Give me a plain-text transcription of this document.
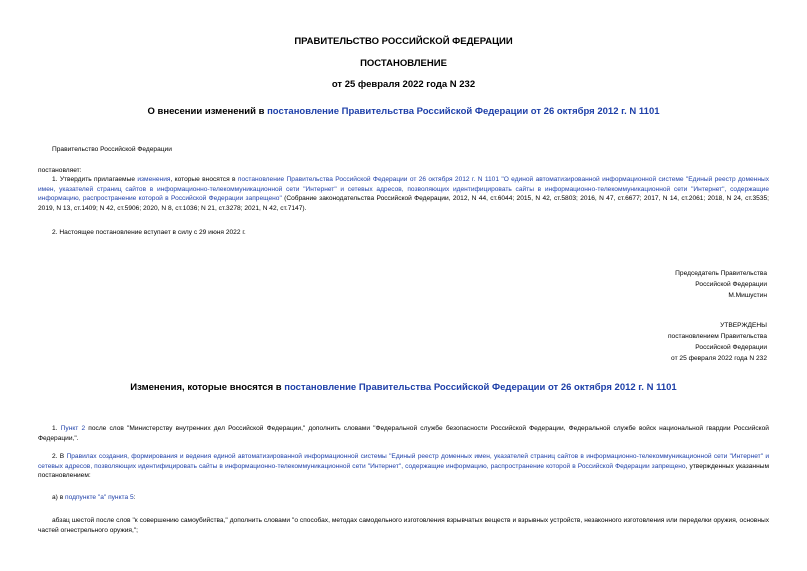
ПРАВИТЕЛЬСТВО РОССИЙСКОЙ ФЕДЕРАЦИИ
ПОСТАНОВЛЕНИЕ
от 25 февраля 2022 года N 232
О внесении изменений в постановление Правительства Российской Федерации от 26 октября 2012 г. N 1101
Правительство Российской Федерации
постановляет:
1. Утвердить прилагаемые изменения, которые вносятся в постановление Правительства Российской Федерации от 26 октября 2012 г. N 1101 "О единой автоматизированной информационной системе "Единый реестр доменных имен, указателей страниц сайтов в информационно-телекоммуникационной сети "Интернет" и сетевых адресов, позволяющих идентифицировать сайты в информационно-телекоммуникационной сети "Интернет", содержащие информацию, распространение которой в Российской Федерации запрещено" (Собрание законодательства Российской Федерации, 2012, N 44, ст.6044; 2015, N 42, ст.5803; 2016, N 47, ст.6677; 2017, N 14, ст.2061; 2018, N 24, ст.3535; 2019, N 13, ст.1409; N 42, ст.5906; 2020, N 8, ст.1036; N 21, ст.3278; 2021, N 42, ст.7147).
2. Настоящее постановление вступает в силу с 29 июня 2022 г.
Председатель Правительства
Российской Федерации
М.Мишустин
УТВЕРЖДЕНЫ
постановлением Правительства
Российской Федерации
от 25 февраля 2022 года N 232
Изменения, которые вносятся в постановление Правительства Российской Федерации от 26 октября 2012 г. N 1101
1. Пункт 2 после слов "Министерству внутренних дел Российской Федерации," дополнить словами "Федеральной службе безопасности Российской Федерации, Федеральной службе войск национальной гвардии Российской Федерации,".
2. В Правилах создания, формирования и ведения единой автоматизированной информационной системы "Единый реестр доменных имен, указателей страниц сайтов в информационно-телекоммуникационной сети "Интернет" и сетевых адресов, позволяющих идентифицировать сайты в информационно-телекоммуникационной сети "Интернет", содержащие информацию, распространение которой в Российской Федерации запрещено, утвержденных указанным постановлением:
а) в подпункте "а" пункта 5:
абзац шестой после слов "к совершению самоубийства," дополнить словами "о способах, методах самодельного изготовления взрывчатых веществ и взрывных устройств, незаконного изготовления или переделки оружия, основных частей огнестрельного оружия,";
